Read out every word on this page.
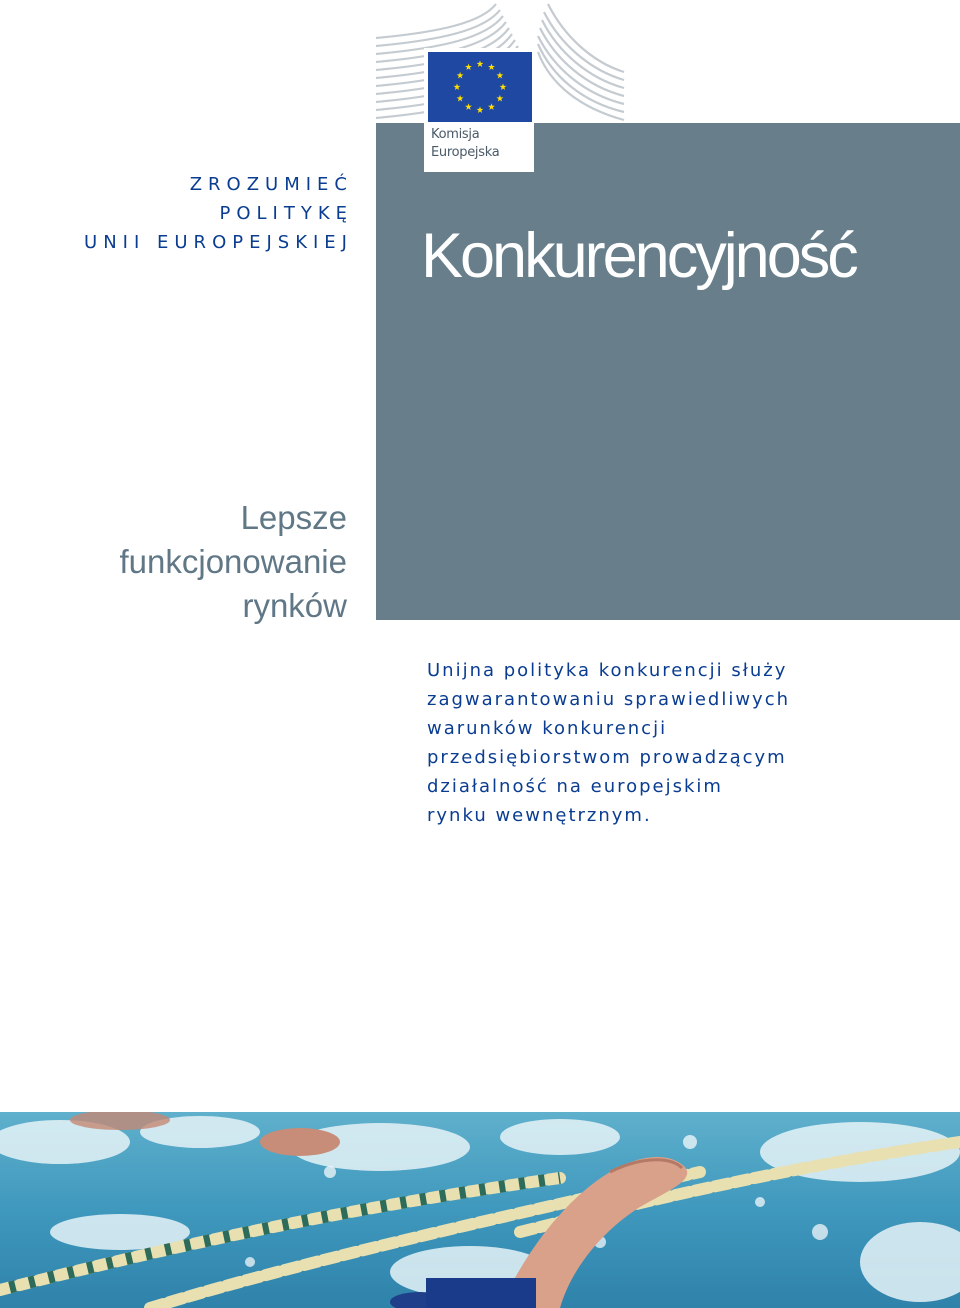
Komisja
Europejska
ZROZUMIEĆ
POLITYKĘ
UNII EUROPEJSKIEJ Konkurencyjność
Lepsze
funkcjonowanie
rynków
Unijna polityka konkurencji służy
zagwarantowaniu sprawiedliwych
warunków konkurencji
przedsiębiorstwom prowadzącym
działalność na europejskim
rynku wewnętrznym.
